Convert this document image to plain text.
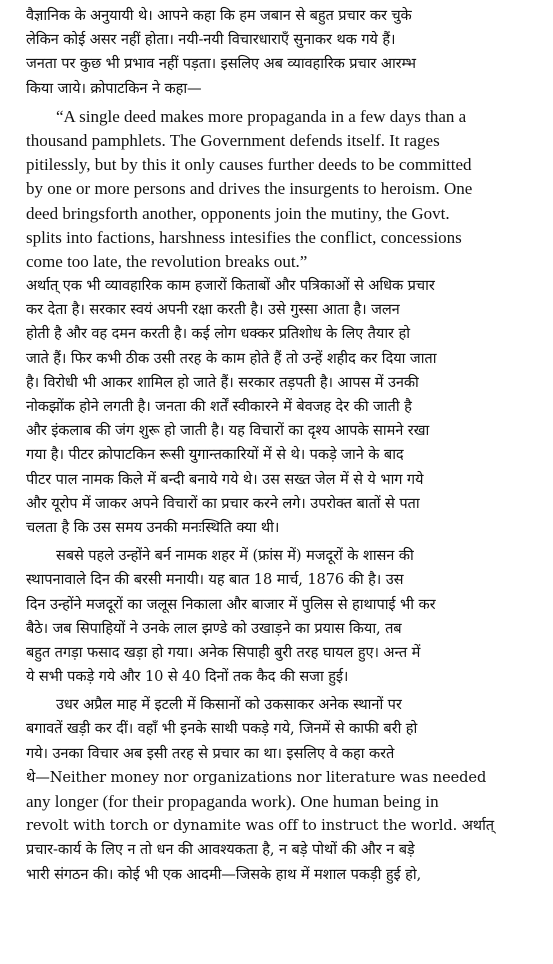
वैज्ञानिक के अनुयायी थे। आपने कहा कि हम जबान से बहुत प्रचार कर चुके
लेकिन कोई असर नहीं होता। नयी-नयी विचारधाराएँ सुनाकर थक गये हैं।
जनता पर कुछ भी प्रभाव नहीं पड़ता। इसलिए अब व्यावहारिक प्रचार आरम्भ
किया जाये। क्रोपाटकिन ने कहा—
“A single deed makes more propaganda in a few days than a
thousand pamphlets. The Government defends itself. It rages
pitilessly, but by this it only causes further deeds to be committed
by one or more persons and drives the insurgents to heroism. One
deed bringsforth another, opponents join the mutiny, the Govt.
splits into factions, harshness intesifies the conflict, concessions
come too late, the revolution breaks out.”
अर्थात् एक भी व्यावहारिक काम हजारों किताबों और पत्रिकाओं से अधिक प्रचार
कर देता है। सरकार स्वयं अपनी रक्षा करती है। उसे गुस्सा आता है। जलन
होती है और वह दमन करती है। कई लोग धक्कर प्रतिशोध के लिए तैयार हो
जाते हैं। फिर कभी ठीक उसी तरह के काम होते हैं तो उन्हें शहीद कर दिया जाता
है। विरोधी भी आकर शामिल हो जाते हैं। सरकार तड़पती है। आपस में उनकी
नोकझोंक होने लगती है। जनता की शर्तें स्वीकारने में बेवजह देर की जाती है
और इंकलाब की जंग शुरू हो जाती है। यह विचारों का दृश्य आपके सामने रखा
गया है। पीटर क्रोपाटकिन रूसी युगान्तकारियों में से थे। पकड़े जाने के बाद
पीटर पाल नामक किले में बन्दी बनाये गये थे। उस सख्त जेल में से ये भाग गये
और यूरोप में जाकर अपने विचारों का प्रचार करने लगे। उपरोक्त बातों से पता
चलता है कि उस समय उनकी मनःस्थिति क्या थी।
सबसे पहले उन्होंने बर्न नामक शहर में (फ्रांस में) मजदूरों के शासन की
स्थापनावाले दिन की बरसी मनायी। यह बात 18 मार्च, 1876 की है। उस
दिन उन्होंने मजदूरों का जलूस निकाला और बाजार में पुलिस से हाथापाई भी कर
बैठे। जब सिपाहियों ने उनके लाल झण्डे को उखाड़ने का प्रयास किया, तब
बहुत तगड़ा फसाद खड़ा हो गया। अनेक सिपाही बुरी तरह घायल हुए। अन्त में
ये सभी पकड़े गये और 10 से 40 दिनों तक कैद की सजा हुई।
उधर अप्रैल माह में इटली में किसानों को उकसाकर अनेक स्थानों पर
बगावतें खड़ी कर दीं। वहाँ भी इनके साथी पकड़े गये, जिनमें से काफी बरी हो
गये। उनका विचार अब इसी तरह से प्रचार का था। इसलिए वे कहा करते
थे—Neither money nor organizations nor literature was needed
any longer (for their propaganda work). One human being in
revolt with torch or dynamite was off to instruct the world. अर्थात्
प्रचार-कार्य के लिए न तो धन की आवश्यकता है, न बड़े पोथों की और न बड़े
भारी संगठन की। कोई भी एक आदमी—जिसके हाथ में मशाल पकड़ी हुई हो,
